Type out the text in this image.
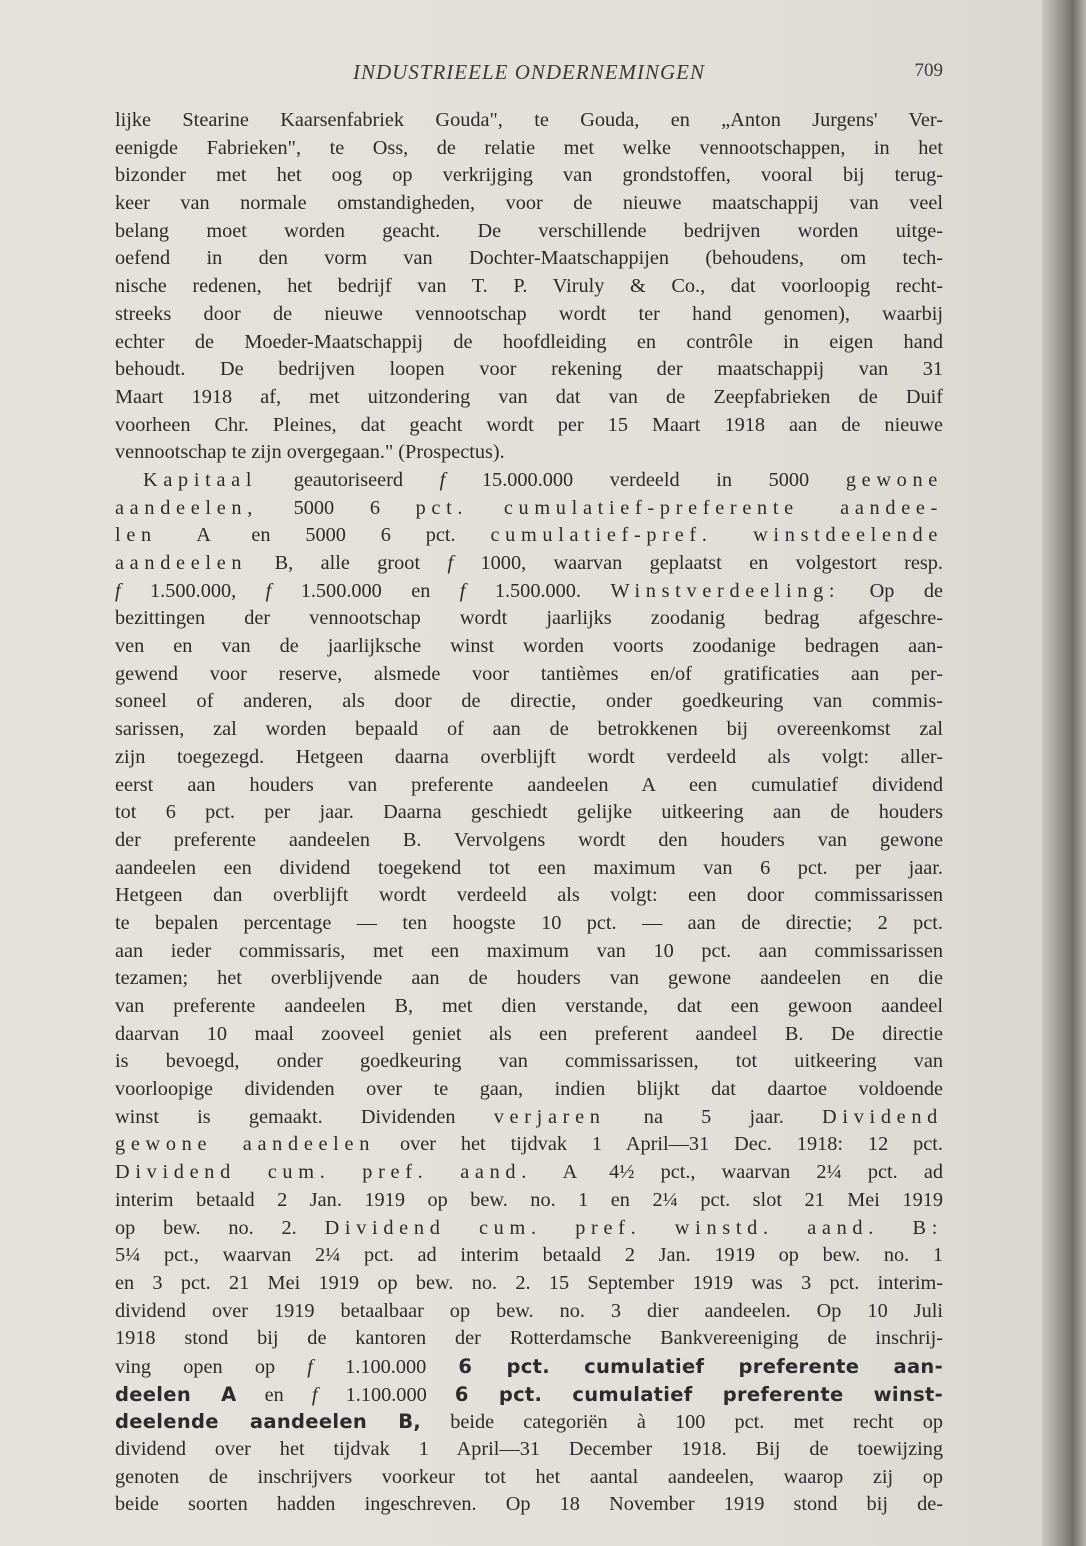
INDUSTRIEELE ONDERNEMINGEN	709
lijke Stearine Kaarsenfabriek Gouda", te Gouda, en „Anton Jurgens' Ver-
eenigde Fabrieken", te Oss, de relatie met welke vennootschappen, in het
bizonder met het oog op verkrijging van grondstoffen, vooral bij terug-
keer van normale omstandigheden, voor de nieuwe maatschappij van veel
belang moet worden geacht. De verschillende bedrijven worden uitge-
oefend in den vorm van Dochter-Maatschappijen (behoudens, om tech-
nische redenen, het bedrijf van T. P. Viruly & Co., dat voorloopig recht-
streeks door de nieuwe vennootschap wordt ter hand genomen), waarbij
echter de Moeder-Maatschappij de hoofdleiding en contrôle in eigen hand
behoudt. De bedrijven loopen voor rekening der maatschappij van 31
Maart 1918 af, met uitzondering van dat van de Zeepfabrieken de Duif
voorheen Chr. Pleines, dat geacht wordt per 15 Maart 1918 aan de nieuwe
vennootschap te zijn overgegaan." (Prospectus).
Kapitaal geautoriseerd f 15.000.000 verdeeld in 5000 gewone
aandeelen, 5000 6 pct. cumulatief-preferente aandee-
len A en 5000 6 pct. cumulatief-pref. winstdeelende
aandeelen B, alle groot f 1000, waarvan geplaatst en volgestort resp.
f 1.500.000, f 1.500.000 en f 1.500.000. Winstverdeeling: Op de
bezittingen der vennootschap wordt jaarlijks zoodanig bedrag afgeschre-
ven en van de jaarlijksche winst worden voorts zoodanige bedragen aan-
gewend voor reserve, alsmede voor tantièmes en/of gratificaties aan per-
soneel of anderen, als door de directie, onder goedkeuring van commis-
sarissen, zal worden bepaald of aan de betrokkenen bij overeenkomst zal
zijn toegezegd. Hetgeen daarna overblijft wordt verdeeld als volgt: aller-
eerst aan houders van preferente aandeelen A een cumulatief dividend
tot 6 pct. per jaar. Daarna geschiedt gelijke uitkeering aan de houders
der preferente aandeelen B. Vervolgens wordt den houders van gewone
aandeelen een dividend toegekend tot een maximum van 6 pct. per jaar.
Hetgeen dan overblijft wordt verdeeld als volgt: een door commissarissen
te bepalen percentage — ten hoogste 10 pct. — aan de directie; 2 pct.
aan ieder commissaris, met een maximum van 10 pct. aan commissarissen
tezamen; het overblijvende aan de houders van gewone aandeelen en die
van preferente aandeelen B, met dien verstande, dat een gewoon aandeel
daarvan 10 maal zooveel geniet als een preferent aandeel B. De directie
is bevoegd, onder goedkeuring van commissarissen, tot uitkeering van
voorloopige dividenden over te gaan, indien blijkt dat daartoe voldoende
winst is gemaakt. Dividenden verjaren na 5 jaar. Dividend
gewone aandeelen over het tijdvak 1 April—31 Dec. 1918: 12 pct.
Dividend cum. pref. aand. A 4½ pct., waarvan 2¼ pct. ad
interim betaald 2 Jan. 1919 op bew. no. 1 en 2¼ pct. slot 21 Mei 1919
op bew. no. 2. Dividend cum. pref. winstd. aand. B:
5¼ pct., waarvan 2¼ pct. ad interim betaald 2 Jan. 1919 op bew. no. 1
en 3 pct. 21 Mei 1919 op bew. no. 2. 15 September 1919 was 3 pct. interim-
dividend over 1919 betaalbaar op bew. no. 3 dier aandeelen. Op 10 Juli
1918 stond bij de kantoren der Rotterdamsche Bankvereeniging de inschrij-
ving open op f 1.100.000 6 pct. cumulatief preferente aan-
deelen A en f 1.100.000 6 pct. cumulatief preferente winst-
deelende aandeelen B, beide categoriën à 100 pct. met recht op
dividend over het tijdvak 1 April—31 December 1918. Bij de toewijzing
genoten de inschrijvers voorkeur tot het aantal aandeelen, waarop zij op
beide soorten hadden ingeschreven. Op 18 November 1919 stond bij de-
